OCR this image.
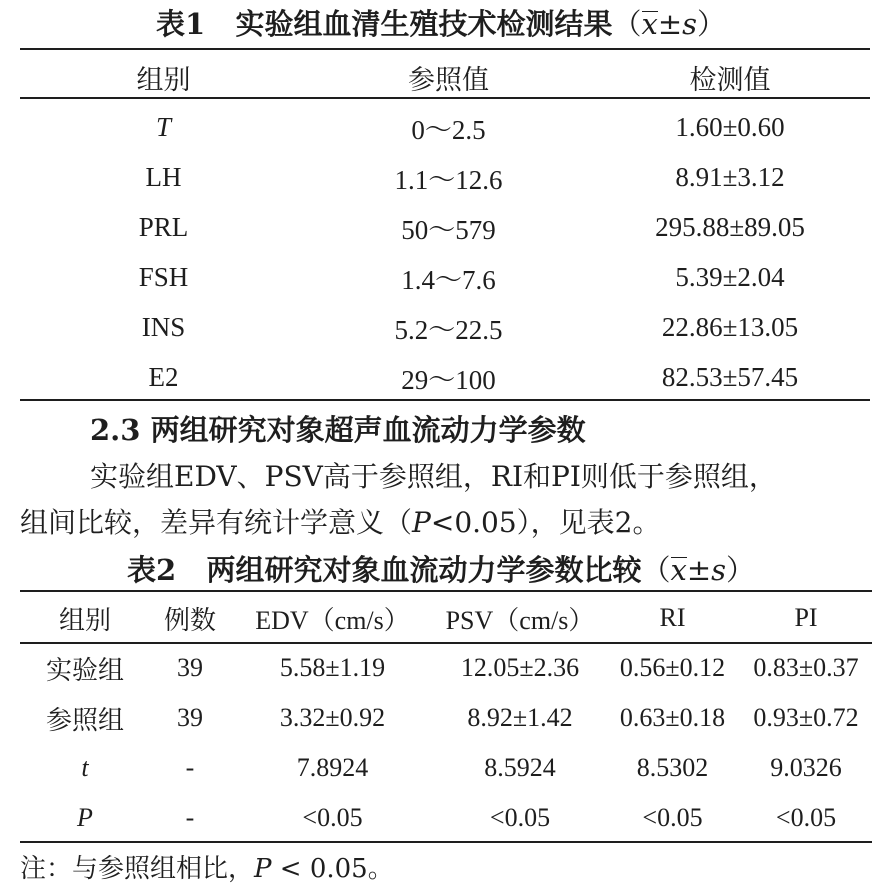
表1 实验组血清生殖技术检测结果（x±s）
组别	参照值	检测值
T	0～2.5	1.60±0.60
LH	1.1～12.6	8.91±3.12
PRL	50～579	295.88±89.05
FSH	1.4～7.6	5.39±2.04
INS	5.2～22.5	22.86±13.05
E2	29～100	82.53±57.45
2.3 两组研究对象超声血流动力学参数
实验组EDV、PSV高于参照组，RI和PI则低于参照组，
组间比较，差异有统计学意义（P<0.05），见表2。
表2 两组研究对象血流动力学参数比较（x±s）
组别	例数	EDV（cm/s）	PSV（cm/s）	RI	PI
实验组	39	5.58±1.19	12.05±2.36	0.56±0.12	0.83±0.37
参照组	39	3.32±0.92	8.92±1.42	0.63±0.18	0.93±0.72
t	-	7.8924	8.5924	8.5302	9.0326
P	-	<0.05	<0.05	<0.05	<0.05
注：与参照组相比，P < 0.05。
